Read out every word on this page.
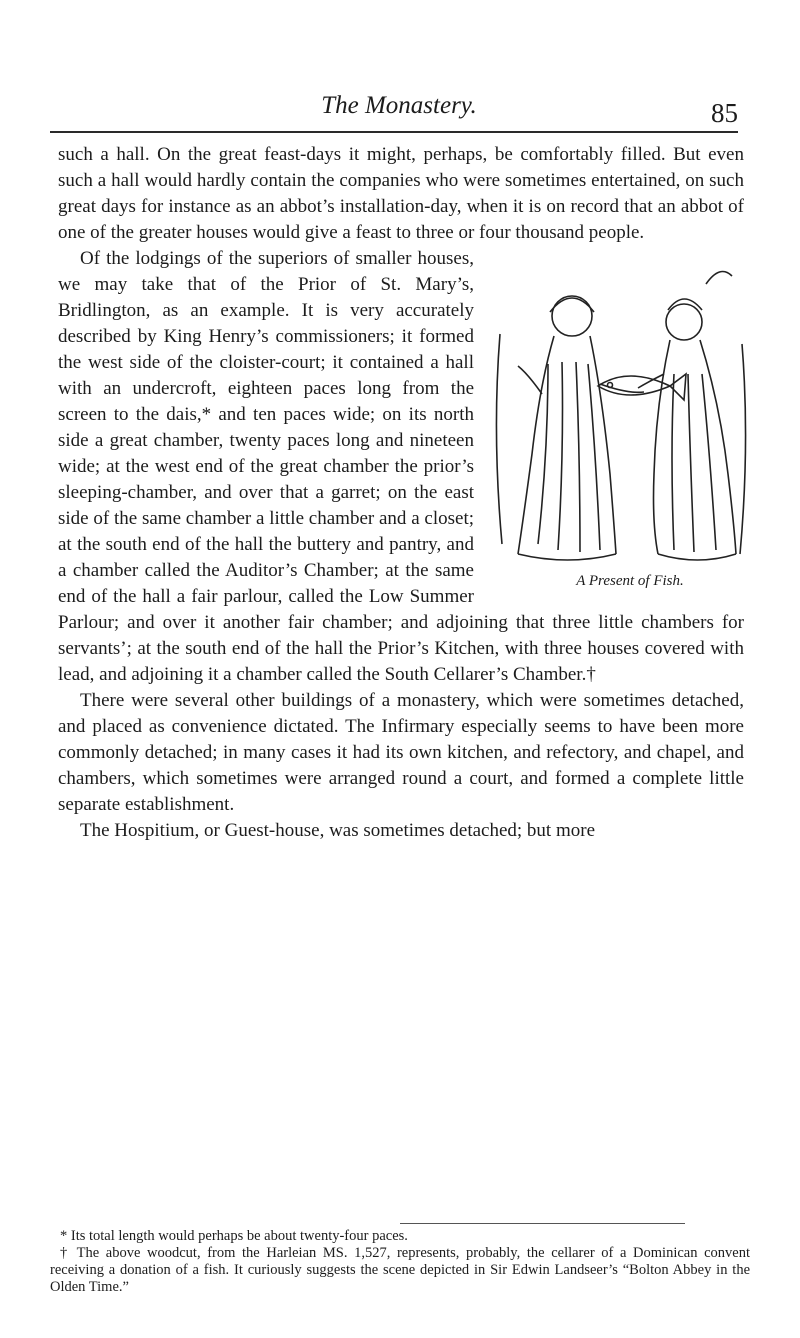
The Monastery.	85

such a hall. On the great feast-days it might, perhaps, be comfortably filled. But even such a hall would hardly contain the companies who were sometimes entertained, on such great days for instance as an abbot’s installation-day, when it is on record that an abbot of one of the greater houses would give a feast to three or four thousand people.

A Present of Fish.
Of the lodgings of the superiors of smaller houses, we may take that of the Prior of St. Mary’s, Bridlington, as an example. It is very accurately described by King Henry’s commissioners; it formed the west side of the cloister-court; it contained a hall with an undercroft, eighteen paces long from the screen to the dais,* and ten paces wide; on its north side a great chamber, twenty paces long and nineteen wide; at the west end of the great chamber the prior’s sleeping-chamber, and over that a garret; on the east side of the same chamber a little chamber and a closet; at the south end of the hall the buttery and pantry, and a chamber called the Auditor’s Chamber; at the same end of the hall a fair parlour, called the Low Summer Parlour; and over it another fair chamber; and adjoining that three little chambers for servants’; at the south end of the hall the Prior’s Kitchen, with three houses covered with lead, and adjoining it a chamber called the South Cellarer’s Chamber.†

There were several other buildings of a monastery, which were sometimes detached, and placed as convenience dictated. The Infirmary especially seems to have been more commonly detached; in many cases it had its own kitchen, and refectory, and chapel, and chambers, which sometimes were arranged round a court, and formed a complete little separate establishment.

The Hospitium, or Guest-house, was sometimes detached; but more

* Its total length would perhaps be about twenty-four paces.

† The above woodcut, from the Harleian MS. 1,527, represents, probably, the cellarer of a Dominican convent receiving a donation of a fish. It curiously suggests the scene depicted in Sir Edwin Landseer’s “Bolton Abbey in the Olden Time.”
